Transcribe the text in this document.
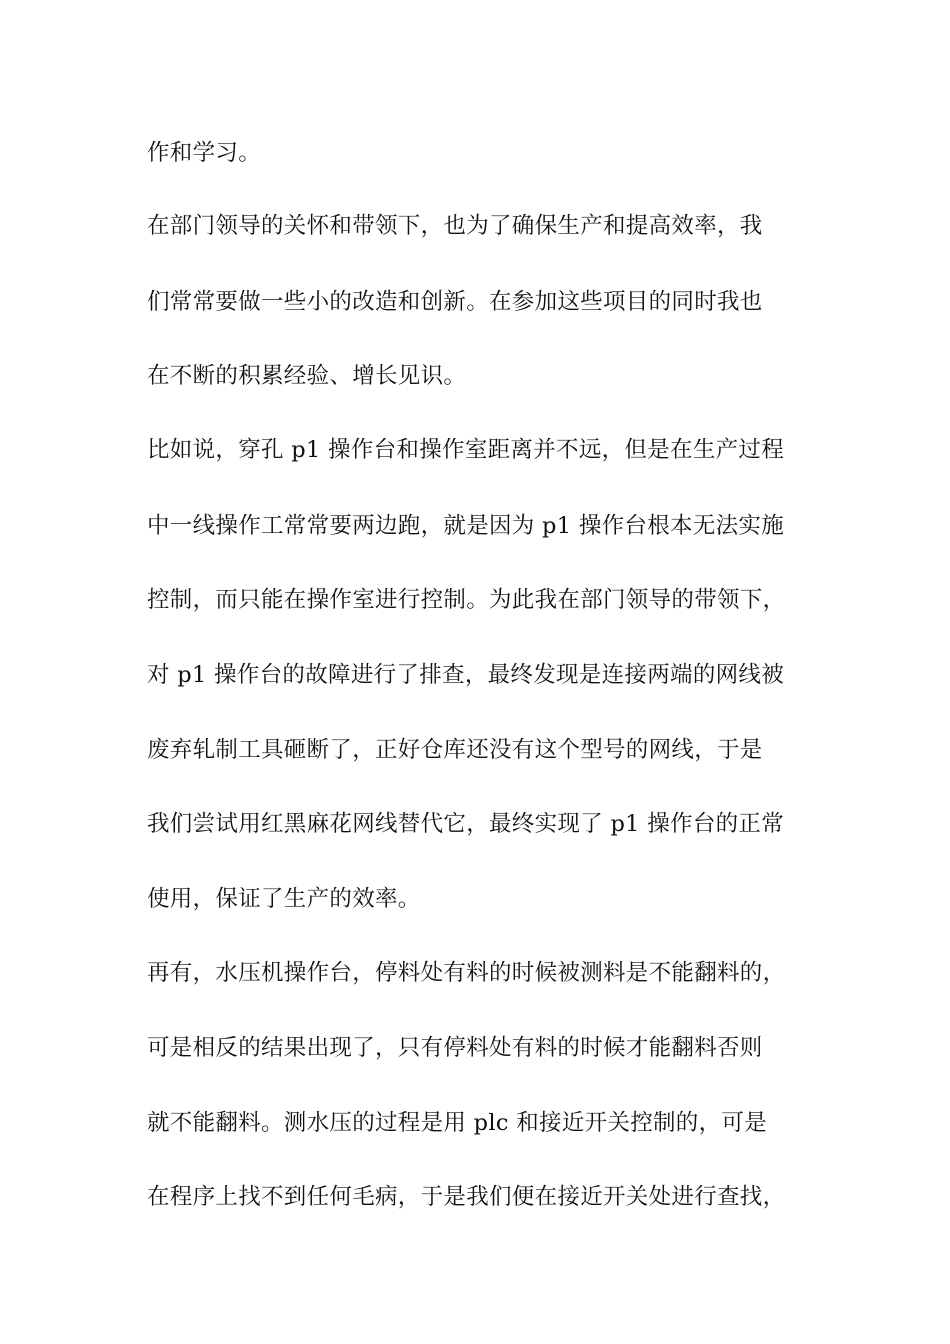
作和学习。
在部门领导的关怀和带领下，也为了确保生产和提高效率，我
们常常要做一些小的改造和创新。在参加这些项目的同时我也
在不断的积累经验、增长见识。
比如说，穿孔 p1 操作台和操作室距离并不远，但是在生产过程
中一线操作工常常要两边跑，就是因为 p1 操作台根本无法实施
控制，而只能在操作室进行控制。为此我在部门领导的带领下，
对 p1 操作台的故障进行了排查，最终发现是连接两端的网线被
废弃轧制工具砸断了，正好仓库还没有这个型号的网线，于是
我们尝试用红黑麻花网线替代它，最终实现了 p1 操作台的正常
使用，保证了生产的效率。
再有，水压机操作台，停料处有料的时候被测料是不能翻料的，
可是相反的结果出现了，只有停料处有料的时候才能翻料否则
就不能翻料。测水压的过程是用 plc 和接近开关控制的，可是
在程序上找不到任何毛病，于是我们便在接近开关处进行查找，
